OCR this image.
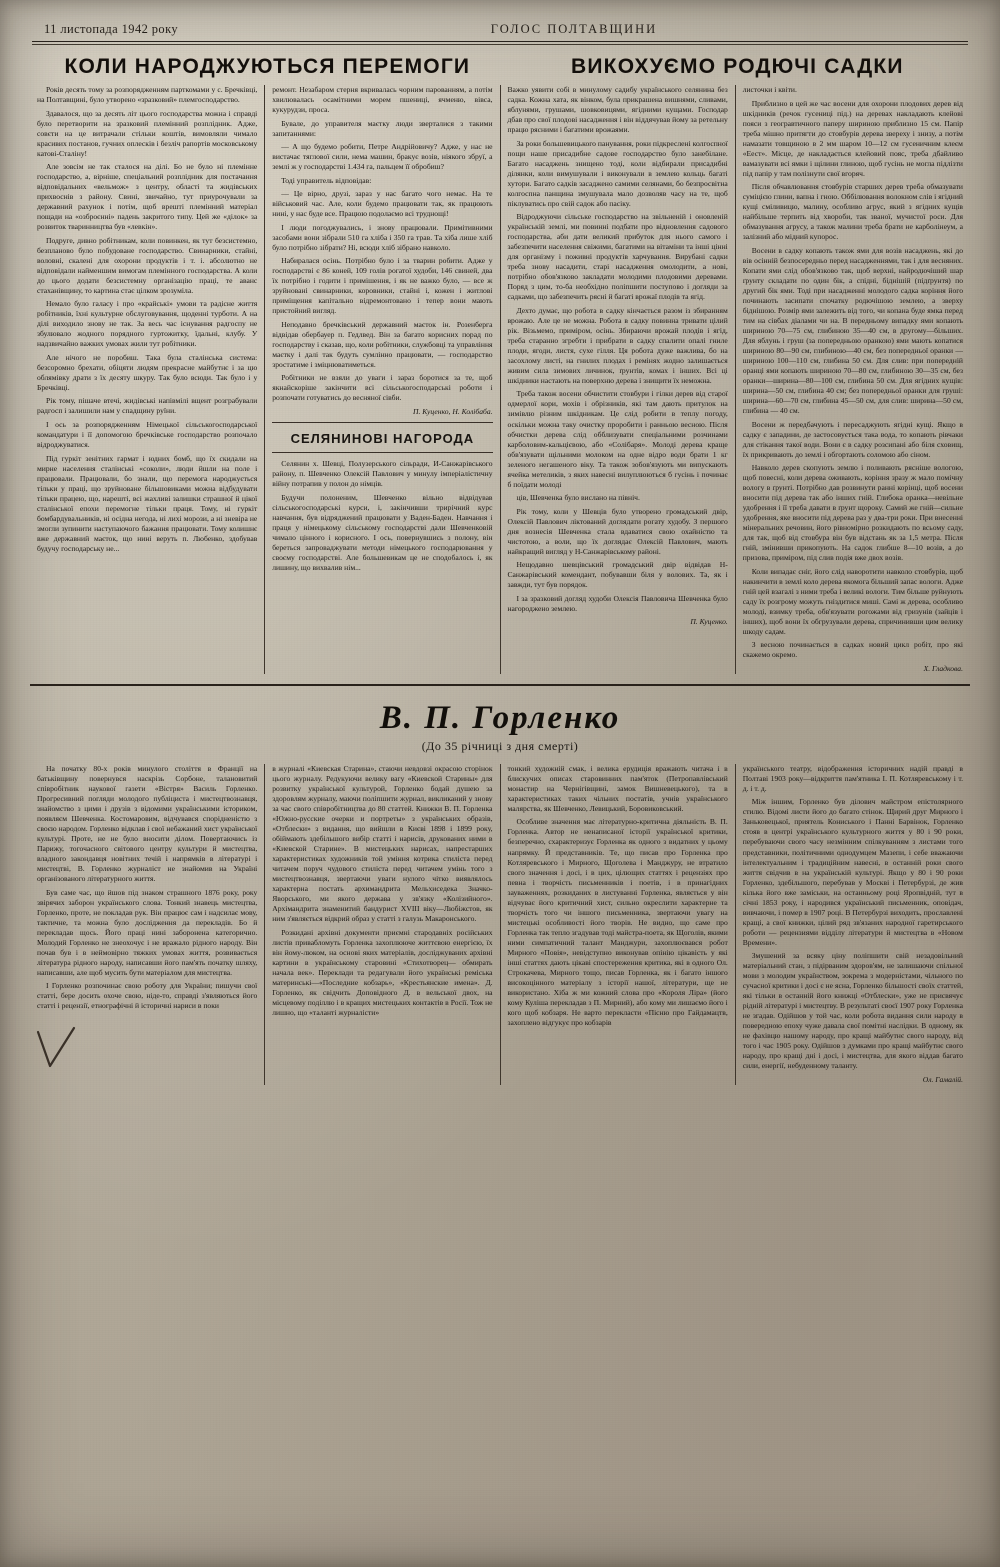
11 листопада 1942 року	ГОЛОС ПОЛТАВЩИНИ
КОЛИ НАРОДЖУЮТЬСЯ ПЕРЕМОГИ	ВИКОХУЄМО РОДЮЧІ САДКИ

Років десять тому за розпорядженням парткомами у с. Бречківці, на Полтавщині, було утворено «зразковий» племгосподарство.

Здавалося, що за десять літ цього господарства можна і справді було перетворити на зразковий племінний розплідник. Адже, совєти на це витрачали стільки коштів, вимовляли чимало красивих постанов, гучних оплесків і безліч рапортів московському катові-Сталіну!

Але зовсім не так сталося на ділі. Бо не було ні племінне господарство, а, вірніше, спеціальний розплідник для постачання відповідальних «вельмож» з центру, області та жидівських прихвоснів з району. Свині, звичайно, тут приурочували за державний рахунок і потім, щоб врешті племінний матеріал пощади на «озброєнні» падень закритого типу. Цей же «ділок» за розвиток тваринництва був «левкін».

Подруге, дивно робітникам, коли повинкен, як тут безсистемно, безпланово було побудоване господарство. Свинарники, стайні, воловні, скалені для охорони продуктів і т. і. абсолютно не відповідали найменшим вимогам племінного господарства. А коли до цього додати безсистемну організацію праці, те аванс стаханівщину, то картина стає цілком зрозуміла.

Немало було галасу і про «крайські» умови та радісне життя робітників, їхні культурне обслуговування, щоденні турботи. А на ділі виходило знову не так. За весь час існування радгоспу не збулювало жодного порядного гуртожитку, їдальні, клубу. У надзвичайно важких умовах жили тут робітники.

Але нічого не поробиш. Така була сталінська система: безсоромно брехати, обіцяти людям прекрасне майбутнє і за цю облямівку драти з їх десяту шкуру. Так було всюди. Так було і у Бречківці.

Рік тому, пішаче втечі, жидівські напівмілі вщент розграбували радгосп і залишили нам у спадщину руїни.

І ось за розпорядженням Німецької сільськогосподарської командатури і її допомогою бречківське господарство розпочало відроджуватися.

Під гуркіт зенітних гармат і юдних бомб, що їх скидали на мирне населення сталінські «соколи», люди йшли на поле і працювали. Працювали, бо знали, що перемога народжується тільки у праці, що зруйноване більшовиками можна відбудувати тільки працею, що, нарешті, всі жахливі залишки страшної й цікої сталінської епохи перемогне тільки праця. Тому, ні гуркіт бомбардувальників, ні осідна негода, ні лихі морози, а ні зневіра не змогли зупинити наступаючого бажання працювати. Тому колишнє вже державний маєток, що нині веруть п. Любенко, здобував будучу господарську не...

ремонт. Незабаром стерня вкривалась чорним парованням, а потім хвилювалась осамітними морем пшениці, ячменю, вівса, кукурудзи, проса.

Бувале, до управителя маєтку люди зверталися з такими запитаннями:

— А що будемо робити, Петре Андрійовичу? Адже, у нас не вистачає тяглової сили, нема машин, бракує возів, ніякого збруї, а землі ж у господарстві 1.434 га, пальцем її обробиш?

Тоді управитель відповідав:

— Це вірно, друзі, зараз у нас багато чого немає. На те військовий час. Але, коли будемо працювати так, як працюють нині, у нас буде все. Працюю подолаємо всі труднощі!

І люди погоджувались, і знову працювали. Примітивними засобами вони зібрали 510 га хліба і 350 га трав. Та хіба лише хліб було потрібно зібрати? Ні, всюди хліб зібрано навколо.

Набиралася осінь. Потрібно було і за тварин робити. Адже у господарстві є 86 коней, 109 голів рогатої худоби, 146 свиней, два їх потрібно і годити і примішення, і як не важко було, — все ж зруйновані свинарники, коровники, стайні і, кожен і житлові приміщення капітально відремонтовано і тепер вони мають пристойний вигляд.

Неподавно бречківський державний маєток ін. Розенберга відвідав обербауер п. Гедлвед. Він за багато корисних порад по господарству і сказав, що, коли робітники, службовці та управління маєтку і далі так будуть сумлінно працювати, — господарство зростатиме і зміцнюватиметься.

Робітники не взяли до уваги і зараз боротися за те, щоб якнайскоріше закінчити всі сільськогосподарські роботи і розпочати готуватись до весняної сівби.

П. Куценко, Н. Колібаба.
СЕЛЯНИНОВІ НАГОРОДА

Селянин х. Шевці, Полузерського сільради, И-Санжарівського району, п. Шевченко Олексій Павлович у минулу імперіалістичну війну потрапив у полон до німців.

Будучи полоненим, Шевченко вільно відвідував сільськогосподарські курси, і, закінчивши трирічний курс навчання, був відряджений працювати у Ваден-Баден. Навчання і праця у німецькому сільському господарстві дали Шевченковій чимало цінного і корисного. І ось, повернувшись з полону, він береться запроваджувати методи німецького господарювання у своєму господарстві. Але большевикам це не сподобалось і, як лишину, що вихвалив нім...

Важко уявити собі в минулому садибу українського селянина без садка. Кожна хата, як вінком, була прикрашена вишнями, сливами, яблунями, грушами, шовковицями, ягідними кущами. Господар дбав про свої плодові насадження і він віддячував йому за ретельну працю рясними і багатими врожаями.

За роки большевицького панування, роки підкреслені колгоспної пощи наше присадибне садове господарство було занебілане. Багато насаджень знищено тоді, коли відбирали присадибні ділянки, коли вимушували і виконували в землею кольць багаті хутори. Багато садків засаджено самими селянами, бо безпросвітна колгоспна панщина змушувала мало дозволяв часу на те, щоб піклуватись про свій садок або пасіку.

Відроджуючи сільське господарство на звільненій і оновленій українській землі, ми повинні подбати про відновлення садового господарства, аби дати великий прибуток для нього самого і забезпечити населення свіжими, багатими на вітаміни та інші цінні для організму і поживні продуктів харчування. Вирубані садки треба знову насадити, старі насадження омолодити, а нові, потрібно обов'язково закладати молодими плодовими деревами. Поряд з цим, то-ба необхідно поліпшити поступово і догляди за садками, що забезпечить рясні й багаті врожаї плодів та ягід.

Дехто думає, що робота в садку кінчається разом із збиранням врожаю. Але це не можна. Робота в садку повинна тривати цілий рік. Візьмемо, приміром, осінь. Збираючи врожай плодів і ягід, треба старанно згребти і прибрати в садку спалити опалі гниле плоди, ягоди, листя, сухе гілля. Ця робота дуже важлива, бо на засохлому листі, на гнилих плодах і ремінях жодно залишається живим сила зимових личинок, ґрунтів, комах і інших. Всі ці шкідники настають на поверхню дерева і знищити їх неможна.

Треба також восени обчистити стовбури і гілки дерев від старої одмерлої кори, мохів і обрізників, які там дають притулок на зимівлю різним шкідникам. Це слід робити в теплу погоду, оскільки можна таку очистку проробити і ранньою весною. Після обчистки дерева слід обблизувати спеціальними розчинами карболовим-кальцієвою, або «Солібаря». Молоді дерева краще обв'язувати щільними молоком на одне відро води брати 1 кг зеленого негашеного віку. Та також зобов'язують ми випускають ячейка метеликів, з яких навесні вилуплюються б гусінь і починає б поїдати молоді

ців, Шевченка було вислано на північ.

Рік тому, коли у Шевців було утворено громадський двір, Олексій Павлович ліктований доглядати рогату худобу. З першого дня вознесія Шевченка стала вдаватися свою охайністю та чистотою, а воли, що їх доглядає Олексій Павлович, мають найкращий вигляд у Н-Санжарівському районі.

Нещодавно шевцівський громадський двір відвідав Н-Санжарівський комендант, побувавши біля у волових. Та, як і завжди, тут був порядок.

І за зразковий догляд худоби Олексія Павловича Шевченка було нагороджено землею.

П. Куценко.

листочки і квіти.

Приблизно в цей же час восени для охорони плодових дерев від шкідників (речок гусениці під.) на деревах накладають клейові пояси з геогравтичного паперу шириною приблизно 15 см. Папір треба мішно притягти до стовбурів дерева звереху і знизу, а потім намазати товщиною в 2 мм шаром 10—12 см гусеничним клеєм «Еест». Місце, де накладається клейовий пояс, треба дбайливо вамазувати всі ямки і щілини глиною, щоб гусінь не могла підлізти під папір у там полізнути свої вгоряч.

Після обчавлювання стовбурів старших дерев треба обмазувати суміцією глини, вапна і гною. Оббілювання волокном слів і ягідний кущі сміливицю, малину, особливо агрус, який з ягідних кущів найбільше терпить від хвороби, так званої, мучистої роси. Для обмазування агрусу, а також малини треба брати не карболінеум, а залізний або мідний купорос.

Восени в садку копають також ями для возів насаджень, які до вів осінній безпосередньо перед насадженнями, так і для весняних. Копати ями слід обов'язково так, щоб верхні, найродючіший шар ґрунту складати по один бік, а спідні, біднішій (підґрунтя) по другий бік ями. Тоді при насадженні молодого садка коріння його починають засипати спочатку родючішою землею, а зверху біднішою. Розмір ями залежить від того, чи копана буде ямка перед тим на сівбах діалами чи на. В передньому випадку ями копають шириною 70—75 см, глибиною 35—40 см, в другому—більших. Для яблунь і груш (за попередньою оранкою) ями мають копатися шириною 80—90 см, глибиною—40 см, без попередньої оранки — шириною 100—110 см, глибина 50 см. Для слив: при попередній оранці ями копають шириною 70—80 см, глибиною 30—35 см, без оранки—ширина—80—100 см, глибина 50 см. Для ягідних кущів: ширина—50 см, глибина 40 см; без попередньої оранки для груші: ширина—60—70 см, глибина 45—50 см, для слив: ширина—50 см, глибина — 40 см.

Восени ж передбачують і пересаджують ягідні кущі. Якщо в садку є западини, де застосовується така вода, то копають рівчаки для стікання такої води. Вони є в садку розсипані або біля сховищ, їх прикривають до землі і обгортають соломою або сіном.

Навколо дерев скопують землю і поливають рясніше вологою, щоб повесні, коли дерева оживають, коріння зразу ж мало помічну вологу в ґрунті. Потрібно дав розвинути ранні корінці, щоб восени вносити під дерева так або інших гній. Глибока оранка—невільне удобрення і її треба давати в ґрунт щороку. Самий же гній—сильне удобрення, яке вносити під дерева раз у два-три роки. При внесенні мінеральних речовин, його рівномірно розкидають по всьому саду, для так, щоб від стовбура він був відстань як за 1,5 метра. Після гній, змінивши прикопують. На садок глибше 8—10 возів, а до призова, приміром, під слив подія вже двох возів.

Коли випадає сніг, його слід наворотити навколо стовбурів, щоб накинчити в землі коло дерева якомога більший запас вологи. Адже гній цей взагалі з ними треба і великі вологи. Тим більше руйнують саду їх розгрому можуть гніздитися миші. Самі ж дерева, особливо молоді, взимку треба, обв'язувати рогожами від гризунів (зайців і інших), щоб вони їх обгрузували дерева, спричинивши цим велику шкоду садам.

З весною починається в садках новий цикл робіт, про які скажемо окремо.

X. Гладкова.
В. П. Горленко
(До 35 річниці з дня смерті)

На початку 80-х років минулого століття в Франції на батьківщину повернувся наскрізь Сорбоне, талановитий співробітник наукової газети «Вістря» Василь Горленко. Прогресивний погляди молодого публіциста і мистецтвознавця, знайомство з цими і друзів з відомими українськими істориком, появляєм Шевченка. Костомаровим, відчувався спорідненістю з своєю народом. Горленко відклав і свої небажаний хист української культурі. Проте, не не було вносити ділом. Повертаючись із Парижу, тогочасного світового центру культури й мистецтва, владного закондавця новітних течій і напрямків в літературі і мистецтві, В. Горленко журналіст не знайомив на Україні організованого літературного життя.

Був саме час, що йшов під знаком страшного 1876 року, року звірячих заборон українського слова. Тонкий знавець мистецтва, Горленко, проте, не покладав рук. Він працює сам і надсилає мову, тактичне, та можна було дослідження да перекладів. Бо й перекладав щось. Його праці нині заборонена категорично. Молодий Горленко не знеохочує і не вражало рідного народу. Він почав був і в неймовірно тяжких умовах життя, розвивається література рідного народу, написавши його пам'ять початку шляху, написавши, але щоб мусить бути матеріалом для мистецтва.

І Горленко розпочинає свою роботу для України; пишучи свої статті, бере досить охоче свою, ніде-то, справді з'являються його статті і рецензії, етнографічні й історичні нариси в поки

в журналі «Киевская Старина», стаючи невдовзі окрасою сторінок цього журналу. Редукуючи велику вагу «Киевской Старины» для розвитку української культурой, Горленко бодай душею за здоровлям журналу, маючи поліпшити журнал, викликаний у знову за час свого співробітництва до 80 статтей. Книжки В. П. Горленка «Южно-русские очерки и портреты» з українських образів, «Отблески» з видання, що вийшли в Києві 1898 і 1899 року, обіймають здебільшого вибір статті і нарисів, друкованих ними в «Киевской Старине». В мистецьких нарисах, напрестарших характеристиках художників той уміння котрика стиліста перед читачем поруч чудового стиліста перед читачем умінь того з мистецтвознавця, звертаючи уваги нулого чітко виявлялось характерна постать архимандрита Мельхиседека Значко-Яворського, ми якого держава у зв'язку «Колізийного». Архімандрита знаменитий бандурист XVIII віку—Любіжстов, як ним з'являється відкрий образ у статті з галузь Макаронського.

Розкидані архівні документи приємні стародавніх російських листів привабломуть Горленка захоплююче життєвою енергією, їх він йому-люком, на основі яких матеріалів, досліджуваних архівні картини в українському старовині «Стихотворец— обмирать начала век». Переклади та редагували його українські реміська материнські—«Последние кобзарь», «Крестьянские имена». Д. Горленко, як свідчить Доповідного Д. в вельської двох, на місцевому поділлю і в кращих мистецьких контактів в Росії. Тож не лишно, що «таланті журналісти»

тонкий художній смак, і велика ерудиція вражають читача і в блискучих описах старовинних пам'яток (Петропавлівський монастир на Чернігівщині, замок Вишневецького), та в характеристиках таких чільних постатів, учнів українського малярства, як Шевченко, Левицький, Боровиковський.

Особливе значення має літературно-критична діяльність В. П. Горленка. Автор не ненаписаної історії української критики, безперечно, схарактеризує Горленка як одного з видатних у цьому напрямку. Й представників. Те, що писав про Горленка про Котляревського і Мирного, Щоголева і Манджуру, не втратило свого значення і досі, і в цих, цілющих статтях і рецензіях про певна і творчість письменників і поетів, і в принагідних зауваженнях, розкиданих в листуванні Горленка, являється у він відчуває його критичний хист, сильно окреслити характерне та творчість того чи іншого письменника, звертаючи увагу на мистецькі особливості його творів. Не видно, що саме про Горленка так тепло згадував тоді майстра-поета, як Щоголів, якими ними симпатичний талант Манджури, захоплюєвався робот Мирного «Повія», невідступно виконував опінію цікавість у які інші статтях дають цікаві спостереження критика, які в одного Ол. Строкачева, Мирного тощо, писав Горленка, як і багато іншого високоцінного матеріалу з історії нашої, літератури, ще не використано. Хіба ж ми кожний слова про «Короля Ліра» (його кому Куліша перекладав з П. Мирний), або кому ми лишаємо його і кого щоб кобзаря. Не варто перекласти «Пісню про Гайдамацтв, захоплено відгукує про кобзарів

українського театру, відображення історичних надій правді в Полтаві 1903 року—відкриття пам'ятника І. П. Котляревському і т. д. і т. д.

Між іншим, Горленко був ділович майстром епістолярного стилю. Відомі листи його до багато стінок. Щирий друг Мирного і Заньковецької, приятель Кониського і Панні Барвінок, Горленко стояв в центрі українського культурного життя у 80 і 90 роки, перебуваючи свого часу незмінним спілкуванням з листами того представники, політичними однодумцем Мазепи, і себе вважаючи інтелектуальним і традиційним навесні, в останній роки свого життя свідчив в на українській культурі. Якщо у 80 і 90 роки Горленко, здебільшого, перебував у Москві і Петербурзі, де жив кілька його вже заміськи, на останньому році Яропвідній, тут в січні 1853 року, і народився український письменник, оповідач, вивчаючи, і помер в 1907 році. В Петербурзі виходить, прославлені кращі, а свої книжки, цілий ряд зв'язаних народної гаретирського роботи — рецензиями відділу літератури й мистецтва в «Новом Времени».

Змушений за всяку ціну поліпшити свій незадовільний матеріальний стан, з підірваним здоров'ям, не залишаючи спільної мови з молодим українством, зокрема з модерністами, чільного по сучасної критики і досі є не ясна, Горленко більшості своїх статтей, які тільки в останній його книжці «Отблески», уже не присвячує рідній літературі і мистецтву. В результаті своєї 1907 року Горленка не згадав. Одійшов у той час, коли робота видання сили народу в повередною епоху чуже давала свої помітні наслідки. В одному, як не фахівцю нашому народу, про кращі майбутнє свого народу, від того і час 1905 року. Одійшов з думками про кращі майбутнє свого народу, про кращі дні і досі, і мистецтва, для якого віддав багато сили, енергії, небуденному таланту.

Ол. Гамалій.
